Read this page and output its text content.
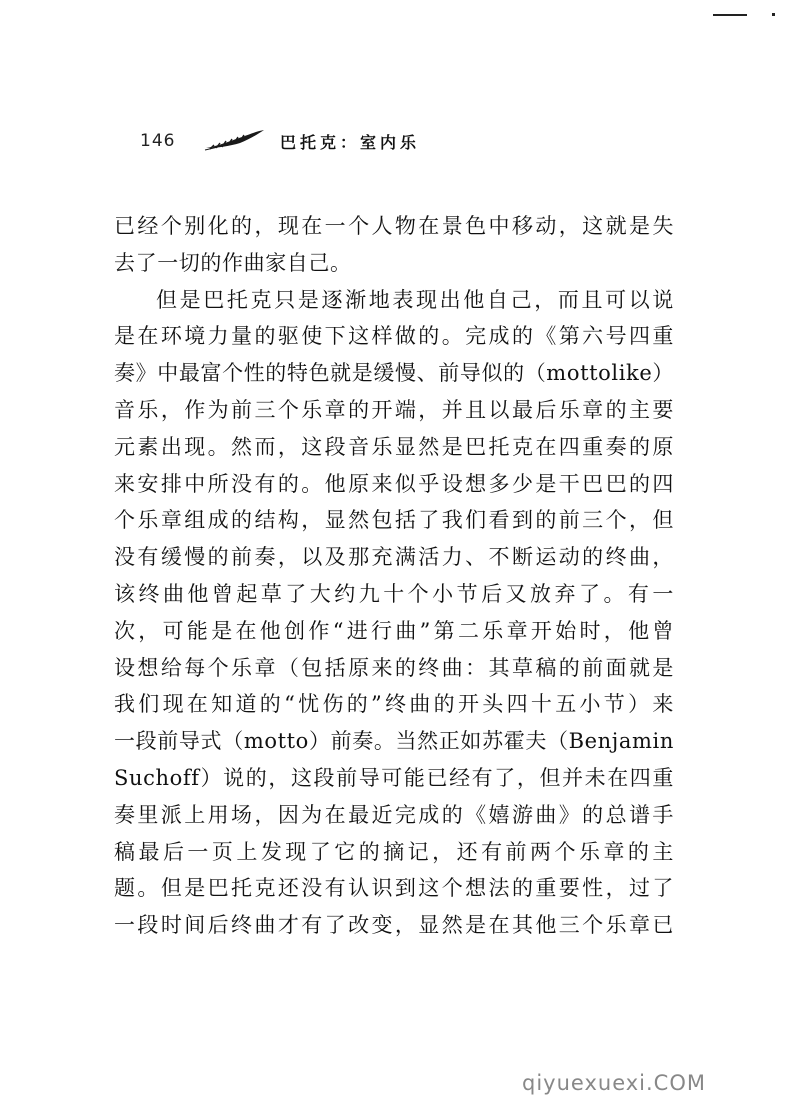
146	巴托克：室内乐
已经个别化的，现在一个人物在景色中移动，这就是失
去了一切的作曲家自己。
但是巴托克只是逐渐地表现出他自己，而且可以说
是在环境力量的驱使下这样做的。完成的《第六号四重
奏》中最富个性的特色就是缓慢、前导似的（mottolike）
音乐，作为前三个乐章的开端，并且以最后乐章的主要
元素出现。然而，这段音乐显然是巴托克在四重奏的原
来安排中所没有的。他原来似乎设想多少是干巴巴的四
个乐章组成的结构，显然包括了我们看到的前三个，但
没有缓慢的前奏，以及那充满活力、不断运动的终曲，
该终曲他曾起草了大约九十个小节后又放弃了。有一
次，可能是在他创作“进行曲”第二乐章开始时，他曾
设想给每个乐章（包括原来的终曲：其草稿的前面就是
我们现在知道的“忧伤的”终曲的开头四十五小节）来
一段前导式（motto）前奏。当然正如苏霍夫（Benjamin
Suchoff）说的，这段前导可能已经有了，但并未在四重
奏里派上用场，因为在最近完成的《嬉游曲》的总谱手
稿最后一页上发现了它的摘记，还有前两个乐章的主
题。但是巴托克还没有认识到这个想法的重要性，过了
一段时间后终曲才有了改变，显然是在其他三个乐章已
qiyuexuexi.COM
